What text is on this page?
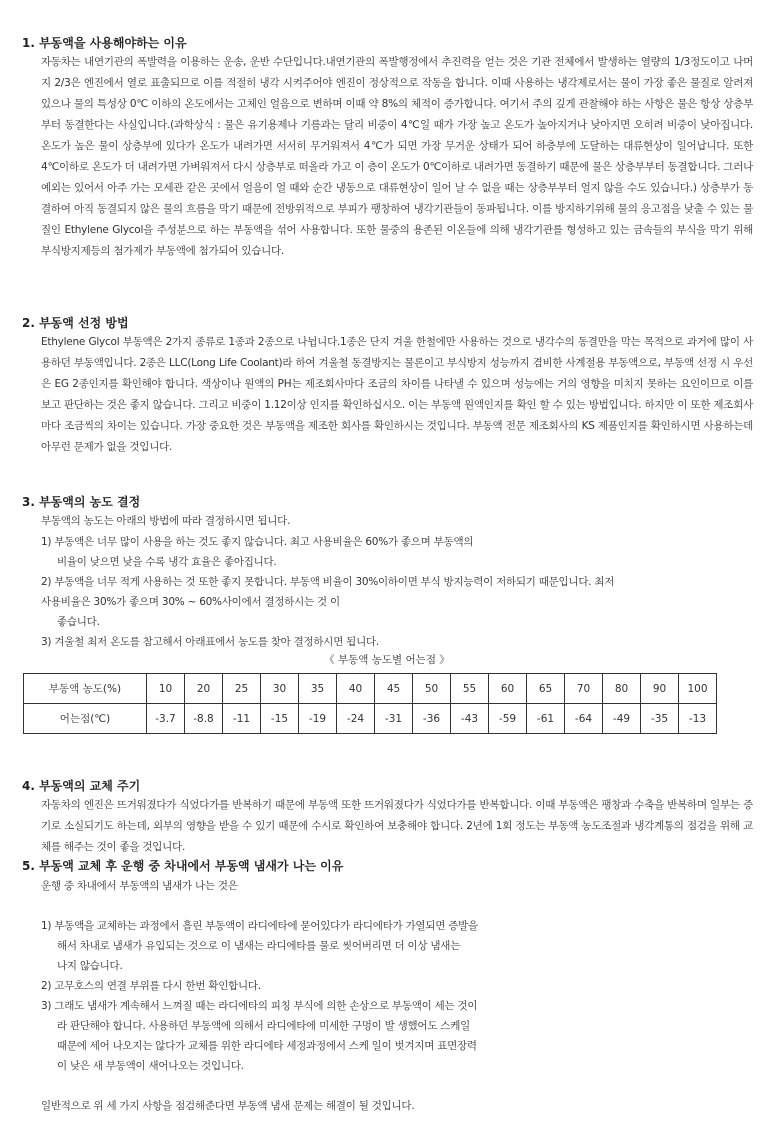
1. 부동액을 사용해야하는 이유
자동차는 내연기관의 폭발력을 이용하는 운송, 운반 수단입니다.내연기관의 폭발행정에서 추진력을 얻는 것은 기관 전체에서 발생하는 열량의 1/3정도이고 나머지 2/3은 엔진에서 열로 표출되므로 이를 적절히 냉각 시켜주어야 엔진이 정상적으로 작동을 합니다. 이때 사용하는 냉각제로서는 물이 가장 좋은 물질로 알려져 있으나 물의 특성상 0℃ 이하의 온도에서는 고체인 얼음으로 변하며 이때 약 8%의 체적이 증가합니다. 여기서 주의 깊게 관찰해야 하는 사항은 물은 항상 상층부부터 동결한다는 사실입니다.(과학상식 : 물은 유기용제나 기름과는 달리 비중이 4℃일 때가 가장 높고 온도가 높아지거나 낮아지면 오히려 비중이 낮아집니다. 온도가 높은 물이 상층부에 있다가 온도가 내려가면 서서히 무거워져서 4℃가 되면 가장 무거운 상태가 되어 하층부에 도달하는 대류현상이 일어납니다. 또한 4℃이하로 온도가 더 내려가면 가벼워져서 다시 상층부로 떠올라 가고 이 층이 온도가 0℃이하로 내려가면 동결하기 때문에 물은 상층부부터 동결합니다. 그러나 예외는 있어서 아주 가는 모세관 같은 곳에서 얼음이 얼 때와 순간 냉동으로 대류현상이 일어 날 수 없을 때는 상층부부터 얼지 않을 수도 있습니다.) 상층부가 동결하여 아직 동결되지 않은 물의 흐름을 막기 때문에 전방위적으로 부피가 팽창하여 냉각기관들이 동파됩니다. 이를 방지하기위해 물의 응고점을 낮출 수 있는 물질인 Ethylene Glycol을 주성분으로 하는 부동액을 섞어 사용합니다. 또한 물중의 용존된 이온들에 의해 냉각기관를 형성하고 있는 금속들의 부식을 막기 위해 부식방지제등의 첨가제가 부동액에 첨가되어 있습니다.
2. 부동액 선정 방법
Ethylene Glycol 부동액은 2가지 종류로 1종과 2종으로 나뉩니다.1종은 단지 겨울 한철에만 사용하는 것으로 냉각수의 동결만을 막는 목적으로 과거에 많이 사용하던 부동액입니다. 2종은 LLC(Long Life Coolant)라 하여 겨울철 동결방지는 물론이고 부식방지 성능까지 겸비한 사계절용 부동액으로, 부동액 선정 시 우선은 EG 2종인지를 확인해야 합니다. 색상이나 원액의 PH는 제조회사마다 조금의 차이를 나타낼 수 있으며 성능에는 거의 영향을 미치지 못하는 요인이므로 이를 보고 판단하는 것은 좋지 않습니다. 그리고 비중이 1.12이상 인지를 확인하십시오. 이는 부동액 원액인지를 확인 할 수 있는 방법입니다. 하지만 이 또한 제조회사마다 조금씩의 차이는 있습니다. 가장 중요한 것은 부동액을 제조한 회사를 확인하시는 것입니다. 부동액 전문 제조회사의 KS 제품인지를 확인하시면 사용하는데 아무런 문제가 없을 것입니다.
3. 부동액의 농도 결정
부동액의 농도는 아래의 방법에 따라 결정하시면 됩니다.
1) 부동액은 너무 많이 사용을 하는 것도 좋지 않습니다. 최고 사용비율은 60%가 좋으며 부동액의
비율이 낮으면 낮을 수록 냉각 효율은 좋아집니다.
2) 부동액을 너무 적게 사용하는 것 또한 좋지 못합니다. 부동액 비율이 30%이하이면 부식 방지능력이 저하되기 때문입니다. 최저
사용비율은 30%가 좋으며 30% ~ 60%사이에서 결정하시는 것 이
좋습니다.
3) 겨울철 최저 온도를 참고해서 아래표에서 농도를 찾아 결정하시면 됩니다.
《 부동액 농도별 어는점 》
부동액 농도(%)	10	20	25	30	35	40	45	50	55	60	65	70	80	90	100
어는점(℃)	-3.7	-8.8	-11	-15	-19	-24	-31	-36	-43	-59	-61	-64	-49	-35	-13
4. 부동액의 교체 주기
자동차의 엔진은 뜨거워졌다가 식었다가를 반복하기 때문에 부동액 또한 뜨거워졌다가 식었다가를 반복합니다. 이때 부동액은 팽창과 수축을 반복하며 일부는 증기로 소실되기도 하는데, 외부의 영향을 받을 수 있기 때문에 수시로 확인하여 보충해야 합니다. 2년에 1회 정도는 부동액 농도조절과 냉각계통의 점검을 위해 교체를 해주는 것이 좋을 것입니다.
5. 부동액 교체 후 운행 중 차내에서 부동액 냄새가 나는 이유
운행 중 차내에서 부동액의 냄새가 나는 것은
1) 부동액을 교체하는 과정에서 흘린 부동액이 라디에타에 묻어있다가 라디에타가 가열되면 증발을
해서 차내로 냄새가 유입되는 것으로 이 냄새는 라디에타를 물로 씻어버리면 더 이상 냄새는
나지 않습니다.
2) 고무호스의 연결 부위를 다시 한번 확인합니다.
3) 그래도 냄새가 계속해서 느껴질 때는 라디에타의 피칭 부식에 의한 손상으로 부동액이 세는 것이
라 판단해야 합니다. 사용하던 부동액에 의해서 라디에타에 미세한 구멍이 발 생했어도 스케일
때문에 세어 나오지는 않다가 교체를 위한 라디에타 세정과정에서 스케 일이 벗겨지며 표면장력
이 낮은 새 부동액이 새어나오는 것입니다.
일반적으로 위 세 가지 사항을 점검해준다면 부동액 냄새 문제는 해결이 될 것입니다.
